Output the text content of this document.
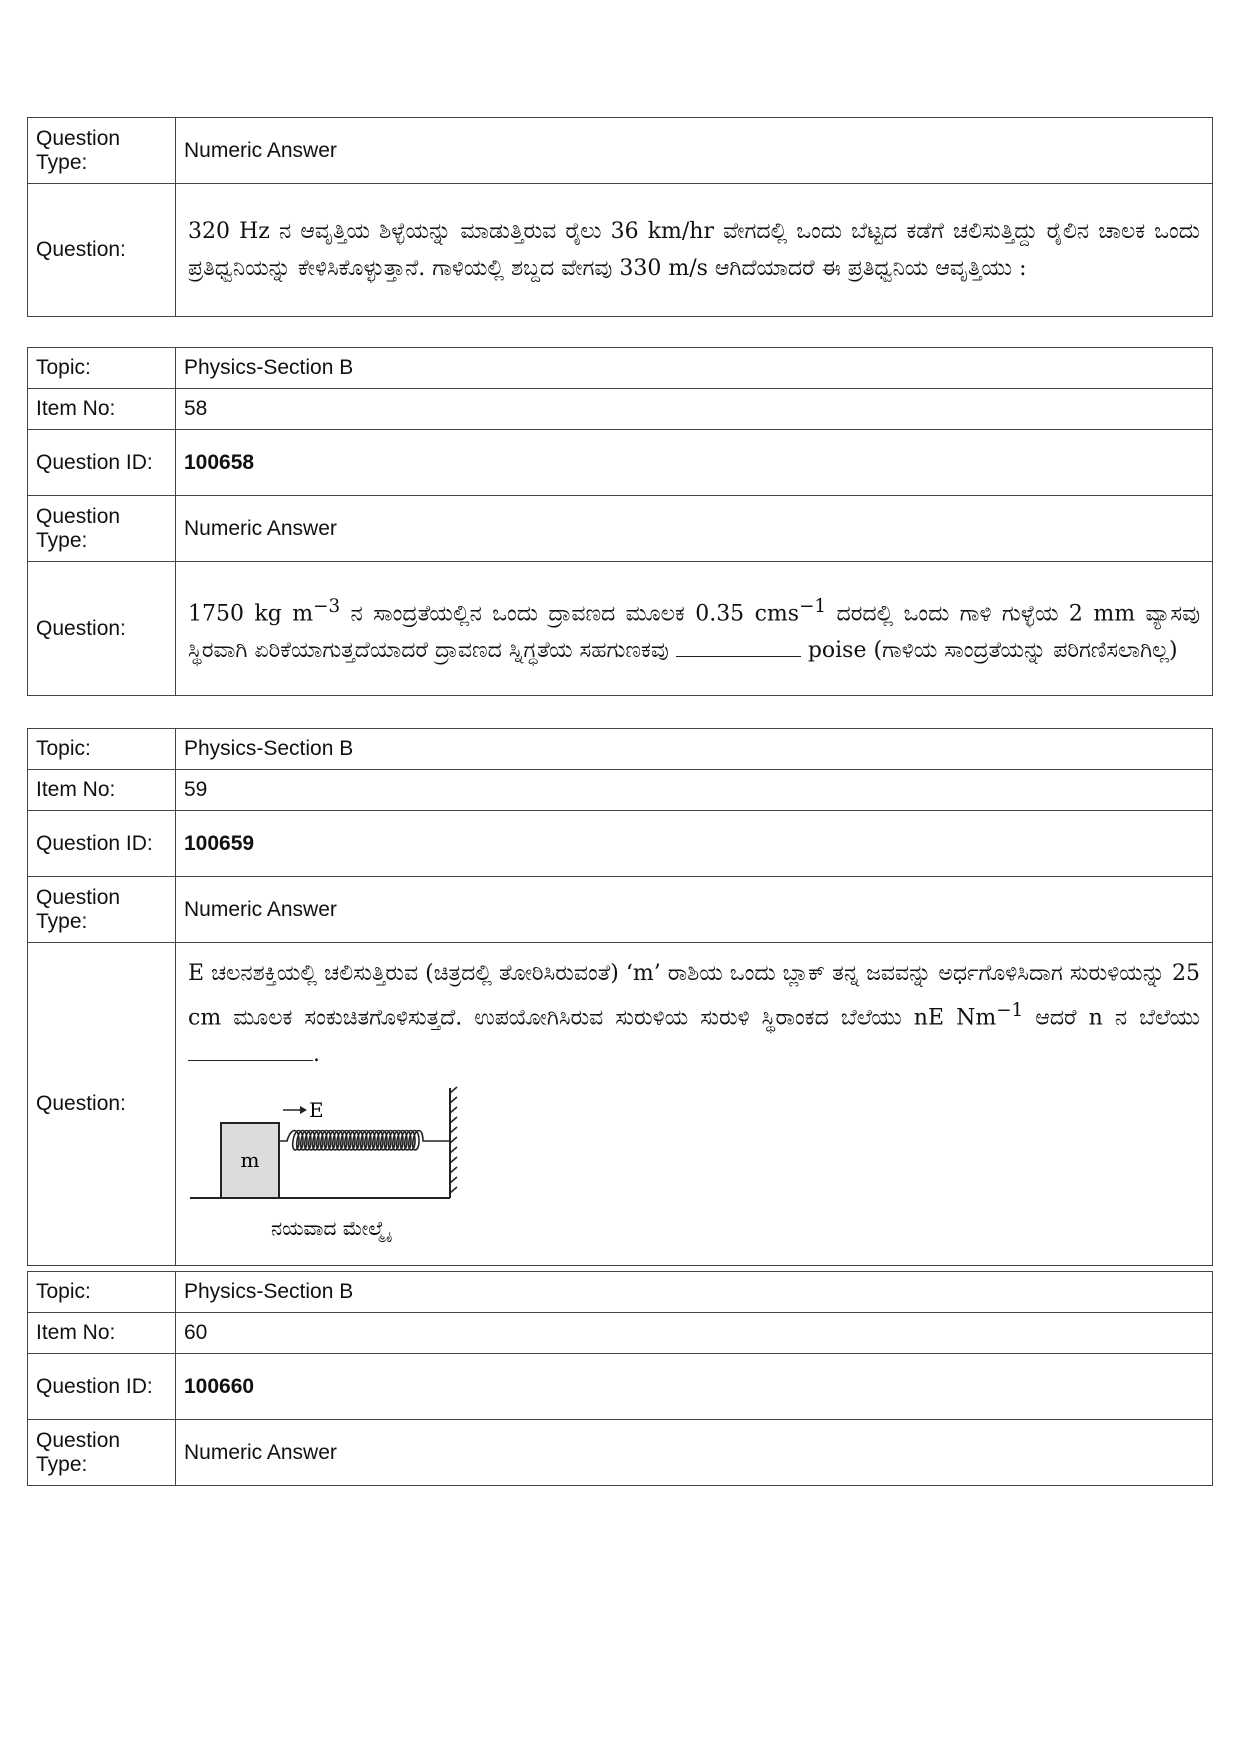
Question Type:	Numeric Answer
Question:	320 Hz ನ ಆವೃತ್ತಿಯ ಶಿಳ್ಳೆಯನ್ನು ಮಾಡುತ್ತಿರುವ ರೈಲು 36 km/hr ವೇಗದಲ್ಲಿ ಒಂದು ಬೆಟ್ಟದ ಕಡೆಗೆ ಚಲಿಸುತ್ತಿದ್ದು ರೈಲಿನ ಚಾಲಕ ಒಂದು ಪ್ರತಿಧ್ವನಿಯನ್ನು ಕೇಳಿಸಿಕೊಳ್ಳುತ್ತಾನೆ. ಗಾಳಿಯಲ್ಲಿ ಶಬ್ದದ ವೇಗವು 330 m/s ಆಗಿದೆಯಾದರೆ ಈ ಪ್ರತಿಧ್ವನಿಯ ಆವೃತ್ತಿಯು :
Topic:	Physics-Section B
Item No:	58
Question ID:	100658
Question Type:	Numeric Answer
Question:	1750 kg $m^{-3}$ ನ ಸಾಂದ್ರತೆಯಲ್ಲಿನ ಒಂದು ದ್ರಾವಣದ ಮೂಲಕ 0.35 cms$^{-1}$ ದರದಲ್ಲಿ ಒಂದು ಗಾಳಿ ಗುಳ್ಳೆಯ 2 mm ವ್ಯಾಸವು ಸ್ಥಿರವಾಗಿ ಏರಿಕೆಯಾಗುತ್ತದೆಯಾದರೆ ದ್ರಾವಣದ ಸ್ನಿಗ್ಧತೆಯ ಸಹಗುಣಕವು poise (ಗಾಳಿಯ ಸಾಂದ್ರತೆಯನ್ನು ಪರಿಗಣಿಸಲಾಗಿಲ್ಲ)
Topic:	Physics-Section B
Item No:	59
Question ID:	100659
Question Type:	Numeric Answer
Question:	E ಚಲನಶಕ್ತಿಯಲ್ಲಿ ಚಲಿಸುತ್ತಿರುವ (ಚಿತ್ರದಲ್ಲಿ ತೋರಿಸಿರುವಂತೆ) ‘m’ ರಾಶಿಯ ಒಂದು ಬ್ಲಾಕ್ ತನ್ನ ಜವವನ್ನು ಅರ್ಧಗೊಳಿಸಿದಾಗ ಸುರುಳಿಯನ್ನು 25 cm ಮೂಲಕ ಸಂಕುಚಿತಗೊಳಿಸುತ್ತದೆ. ಉಪಯೋಗಿಸಿರುವ ಸುರುಳಿಯ ಸುರುಳಿ ಸ್ಥಿರಾಂಕದ ಬೆಲೆಯು nE $Nm^{-1}$ ಆದರೆ n ನ ಬೆಲೆಯು .
m
E
ನಯವಾದ ಮೇಲ್ಮೈ
Topic:	Physics-Section B
Item No:	60
Question ID:	100660
Question Type:	Numeric Answer
